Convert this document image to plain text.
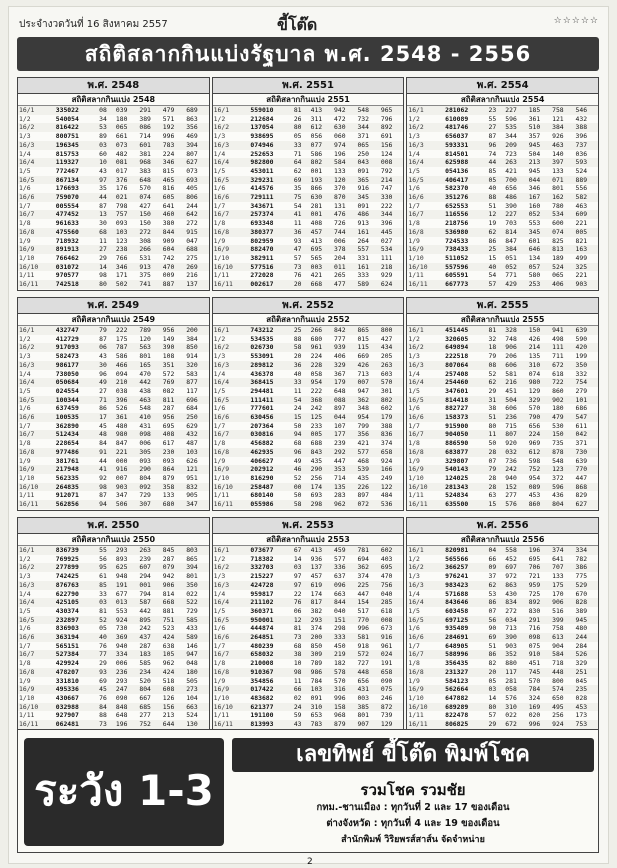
ประจำงวดวันที่ 16 สิงหาคม 2557	ขี้โต๊ด	☆☆☆☆☆
สถิติสลากกินแบ่งรัฐบาล พ.ศ. 2548 - 2556
พ.ศ. 2548
สถิติสลากกินแบ่ง 2548
16/1	335022	08	039	291	479	689
1/2	540054	34	180	389	571	863
16/2	816422	53	065	086	192	356
1/3	800751	89	661	714	996	469
16/3	196345	03	073	601	783	394
1/4	815753	60	482	381	224	807
16/4	119327	10	081	968	346	627
1/5	772467	43	017	383	815	073
16/5	867134	97	376	648	465	693
1/6	176693	35	176	570	816	405
16/6	759070	44	021	074	605	806
1/7	005554	87	798	427	641	244
16/7	477452	13	757	150	460	642
1/8	961633	30	093	150	380	272
16/8	475560	68	103	272	844	915
1/9	718932	11	123	308	909	047
16/9	891913	27	238	266	604	688
1/10	766462	29	766	531	742	275
16/10	031072	14	346	913	470	269
1/11	970577	98	171	375	009	216
16/11	742518	80	502	741	887	137

พ.ศ. 2551
สถิติสลากกินแบ่ง 2551
16/1	559010	81	413	942	548	965
1/2	212684	26	311	472	732	796
16/2	137054	80	612	630	344	892
1/3	938695	05	056	060	371	691
16/3	074946	33	077	974	065	156
1/4	252653	71	586	196	250	124
16/4	982800	64	802	584	043	008
1/5	453011	62	001	133	091	792
16/5	329231	69	193	120	365	214
1/6	414576	35	866	370	916	747
16/6	729111	75	630	870	345	330
1/7	343671	54	281	131	091	222
16/7	257374	41	001	476	486	344
1/8	693348	11	408	726	913	396
16/8	380377	36	457	744	161	445
1/9	802959	93	413	006	264	027
16/9	882470	47	695	378	557	534
1/10	382911	57	565	204	331	111
16/10	577516	73	003	011	161	218
1/11	272028	76	421	265	333	929
16/11	002617	20	668	477	589	624

พ.ศ. 2554
สถิติสลากกินแบ่ง 2554
16/1	281062	23	227	185	758	546
1/2	610089	55	596	361	121	432
16/2	481746	27	535	510	384	388
1/3	656037	87	344	357	926	396
16/3	593331	96	209	945	463	737
1/4	814501	74	723	504	140	036
16/4	625988	44	263	213	397	593
1/5	054136	85	421	945	133	524
16/5	406417	05	700	044	071	889
1/6	582370	40	656	346	801	556
16/6	351276	88	486	167	162	582
1/7	652553	51	390	160	780	463
16/7	116556	12	227	052	534	609
1/8	218756	19	703	553	600	221
16/8	536980	62	814	345	074	005
1/9	724533	86	847	601	825	821
16/9	738433	25	384	646	813	163
1/10	511052	15	051	134	189	499
16/10	557596	40	052	057	524	325
1/11	605591	54	771	580	065	221
16/11	667773	57	429	253	406	903

พ.ศ. 2549
สถิติสลากกินแบ่ง 2549
16/1	432747	79	222	789	956	200
1/2	412729	87	175	120	149	384
16/2	917093	06	787	563	390	850
1/3	582473	43	586	801	108	914
16/3	986177	30	466	165	351	320
1/4	738050	96	094	470	572	583
16/4	050684	49	210	442	769	877
1/5	024554	27	038	438	082	117
16/5	100344	71	396	463	811	696
1/6	637459	86	526	548	287	684
16/6	100535	17	361	410	956	250
1/7	362890	45	480	431	695	629
16/7	512434	48	980	098	408	432
1/8	228654	84	847	006	617	487
16/8	977486	91	221	305	230	103
1/9	381761	44	000	093	093	626
16/9	217948	41	916	290	864	121
1/10	562335	92	007	804	879	951
16/10	264835	98	903	092	358	832
1/11	912071	87	347	729	133	905
16/11	562856	94	506	307	680	347

พ.ศ. 2552
สถิติสลากกินแบ่ง 2552
16/1	743212	25	266	842	865	800
1/2	534535	88	680	777	015	427
16/2	026730	58	961	939	115	434
1/3	553091	20	224	406	669	205
16/3	289812	36	228	329	426	263
1/4	436378	40	058	367	713	603
16/4	368415	33	954	179	007	570
1/5	294481	11	222	648	947	301
16/5	111411	54	368	088	362	802
1/6	777601	24	242	897	348	602
16/6	630456	15	125	044	954	179
1/7	207364	50	233	107	799	388
16/7	030816	94	005	177	356	836
1/8	456882	68	688	239	421	374
16/8	462935	96	843	292	577	658
1/9	406627	49	435	447	468	924
16/9	202912	46	290	353	539	166
1/10	816290	52	256	714	435	249
16/10	258487	00	174	135	226	122
1/11	680140	50	693	283	897	484
16/11	055986	58	298	962	072	536

พ.ศ. 2555
สถิติสลากกินแบ่ง 2555
16/1	451445	81	328	150	941	639
1/2	320605	32	748	426	498	590
16/2	649894	18	906	214	111	420
1/3	222518	79	206	135	711	199
16/3	807064	08	606	310	672	350
1/4	257408	52	581	074	618	332
16/4	254460	62	216	980	722	754
1/5	347601	29	451	129	860	279
16/5	814418	31	504	329	902	101
1/6	882727	38	606	570	180	686
16/6	158373	51	236	790	479	547
1/7	915900	80	715	656	530	611
16/7	904050	11	807	224	150	042
1/8	886590	50	920	969	735	371
16/8	683877	28	032	612	878	730
1/9	329807	07	736	598	548	639
16/9	540143	79	242	752	123	770
1/10	124025	28	940	954	372	447
16/10	281343	28	152	089	596	868
1/11	524834	63	277	453	436	829
16/11	635500	15	576	860	804	627

พ.ศ. 2550
สถิติสลากกินแบ่ง 2550
16/1	836739	55	293	263	845	803
1/2	769925	56	893	239	287	865
16/2	277899	95	625	607	079	394
1/3	742425	61	948	294	942	801
16/3	876763	85	191	001	906	350
1/4	622790	33	677	794	814	022
16/4	425105	03	013	587	668	522
1/5	430374	81	553	442	881	729
16/5	232897	52	924	895	751	585
1/6	836903	05	730	242	523	433
16/6	363194	40	369	437	424	589
1/7	565151	76	940	287	638	146
16/7	527384	77	334	183	105	947
1/8	429924	29	006	585	962	048
16/8	478207	93	236	234	424	180
1/9	331810	69	293	520	518	505
16/9	495336	45	247	804	608	273
1/10	430667	76	090	667	126	104
16/10	032988	84	848	685	156	663
1/11	927907	88	648	277	213	524
16/11	062481	73	196	752	644	130

พ.ศ. 2553
สถิติสลากกินแบ่ง 2553
16/1	073677	67	413	459	781	602
1/2	718382	14	936	577	694	403
16/2	332703	03	137	336	362	695
1/3	215227	97	457	637	374	470
16/3	424728	97	619	096	225	756
1/4	959817	22	174	663	447	040
16/4	211102	76	817	844	154	285
1/5	360371	06	382	040	517	618
16/5	950001	12	293	151	770	008
1/6	444874	81	374	298	996	673
16/6	264851	73	200	333	581	916
1/7	480239	68	850	450	918	961
16/7	658032	38	309	219	572	024
1/8	210008	10	789	182	727	191
16/8	910367	98	986	578	448	658
1/9	354856	11	784	570	656	090
16/9	017422	66	103	316	431	075
1/10	483682	02	091	996	003	246
16/10	621377	24	310	158	385	872
1/11	191100	59	653	968	801	739
16/11	813993	43	783	879	907	129

พ.ศ. 2556
สถิติสลากกินแบ่ง 2556
16/1	820981	04	558	196	374	334
1/2	565566	66	452	695	641	782
16/2	366257	09	697	706	707	386
1/3	976241	37	972	721	133	775
16/3	983423	62	863	959	175	529
1/4	571688	53	430	725	170	670
16/4	843646	86	834	892	906	828
1/5	603458	07	272	830	516	389
16/5	697125	56	034	291	399	945
1/6	935489	90	713	716	758	480
16/6	284691	69	390	098	613	244
1/7	648905	51	903	075	904	284
16/7	588996	86	352	910	584	526
1/8	356435	82	880	451	718	329
16/8	231327	20	117	745	448	251
1/9	584123	05	281	570	800	045
16/9	562664	03	058	784	574	235
1/10	647882	14	576	324	650	028
16/10	689289	80	310	169	495	453
1/11	822478	57	022	020	256	173
16/11	806825	29	672	996	924	753

ระวัง 1-3
เลขทิพย์ ขี้โต๊ด พิมพ์โชค
รวมโชค รวมชัย
กทม.-ชานเมือง : ทุกวันที่ 2 และ 17 ของเดือน
ต่างจังหวัด : ทุกวันที่ 4 และ 19 ของเดือน
สำนักพิมพ์ วิริยพรส์สาส์น จัดจำหน่าย
2
